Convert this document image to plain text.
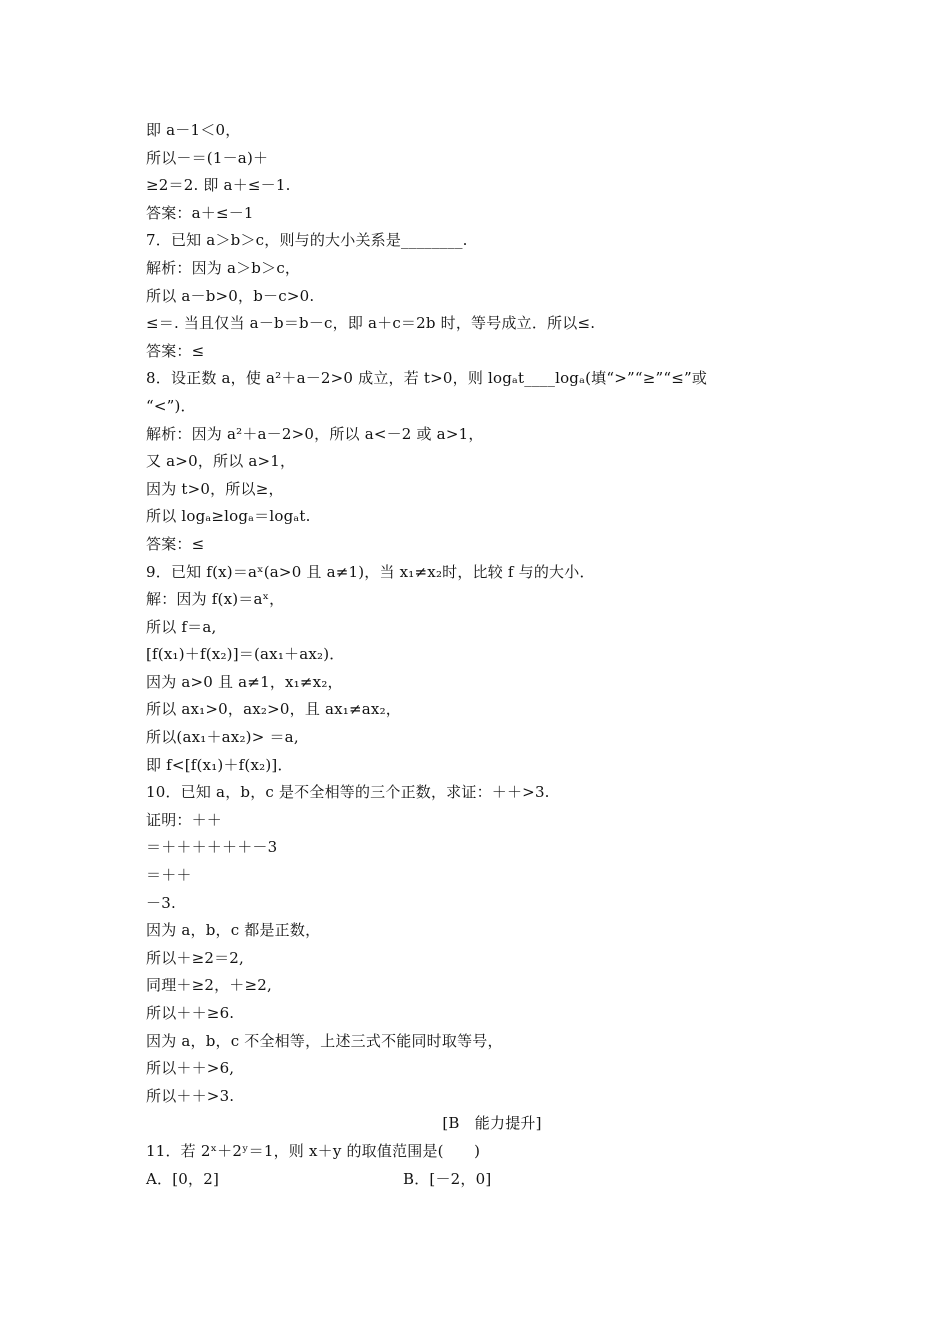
即 a－1＜0，
所以－＝(1－a)＋
≥2＝2. 即 a＋≤－1.
答案：a＋≤－1
7．已知 a＞b＞c，则与的大小关系是________.
解析：因为 a＞b＞c，
所以 a－b>0，b－c>0.
≤＝. 当且仅当 a－b＝b－c，即 a＋c＝2b 时，等号成立．所以≤.
答案：≤
8．设正数 a，使 a²＋a－2>0 成立，若 t>0，则 logₐt____logₐ(填“>”“≥”“≤”或
“<”)．
解析：因为 a²＋a－2>0，所以 a<－2 或 a>1，
又 a>0，所以 a>1，
因为 t>0，所以≥，
所以 logₐ≥logₐ＝logₐt.
答案：≤
9．已知 f(x)＝aˣ(a>0 且 a≠1)，当 x₁≠x₂时，比较 f 与的大小．
解：因为 f(x)＝aˣ，
所以 f＝a,
[f(x₁)＋f(x₂)]＝(ax₁＋ax₂)．
因为 a>0 且 a≠1，x₁≠x₂，
所以 ax₁>0，ax₂>0，且 ax₁≠ax₂，
所以(ax₁＋ax₂)> ＝a,
即 f<[f(x₁)＋f(x₂)]．
10．已知 a，b，c 是不全相等的三个正数，求证：＋＋>3.
证明：＋＋
＝＋＋＋＋＋＋－3
＝＋＋
－3.
因为 a，b，c 都是正数，
所以＋≥2＝2,
同理＋≥2，＋≥2,
所以＋＋≥6.
因为 a，b，c 不全相等，上述三式不能同时取等号，
所以＋＋>6,
所以＋＋>3.
[B　能力提升]
11．若 2ˣ＋2ʸ＝1，则 x＋y 的取值范围是(　　)
A．[0，2]	B．[－2，0]
